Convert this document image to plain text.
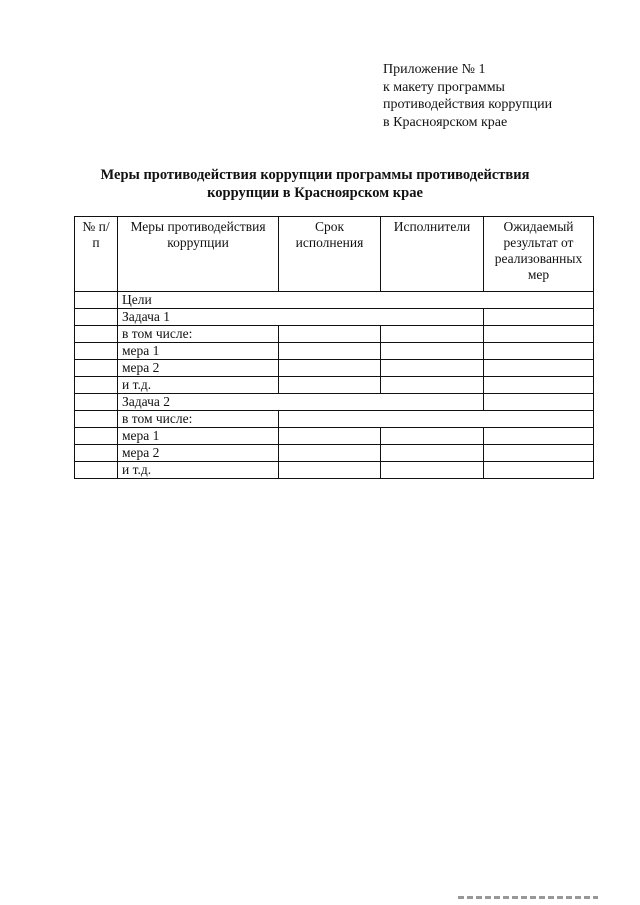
Приложение № 1
к макету программы
противодействия коррупции
в Красноярском крае
Меры противодействия коррупции программы противодействия
коррупции в Красноярском крае
№ п/п	Меры противодействия коррупции	Срок исполнения	Исполнители	Ожидаемый результат от реализованных мер
	Цели			
	Задача 1			
	в том числе:			
	мера 1			
	мера 2			
	и т.д.			
	Задача 2			
	в том числе:			
	мера 1			
	мера 2			
	и т.д.			
